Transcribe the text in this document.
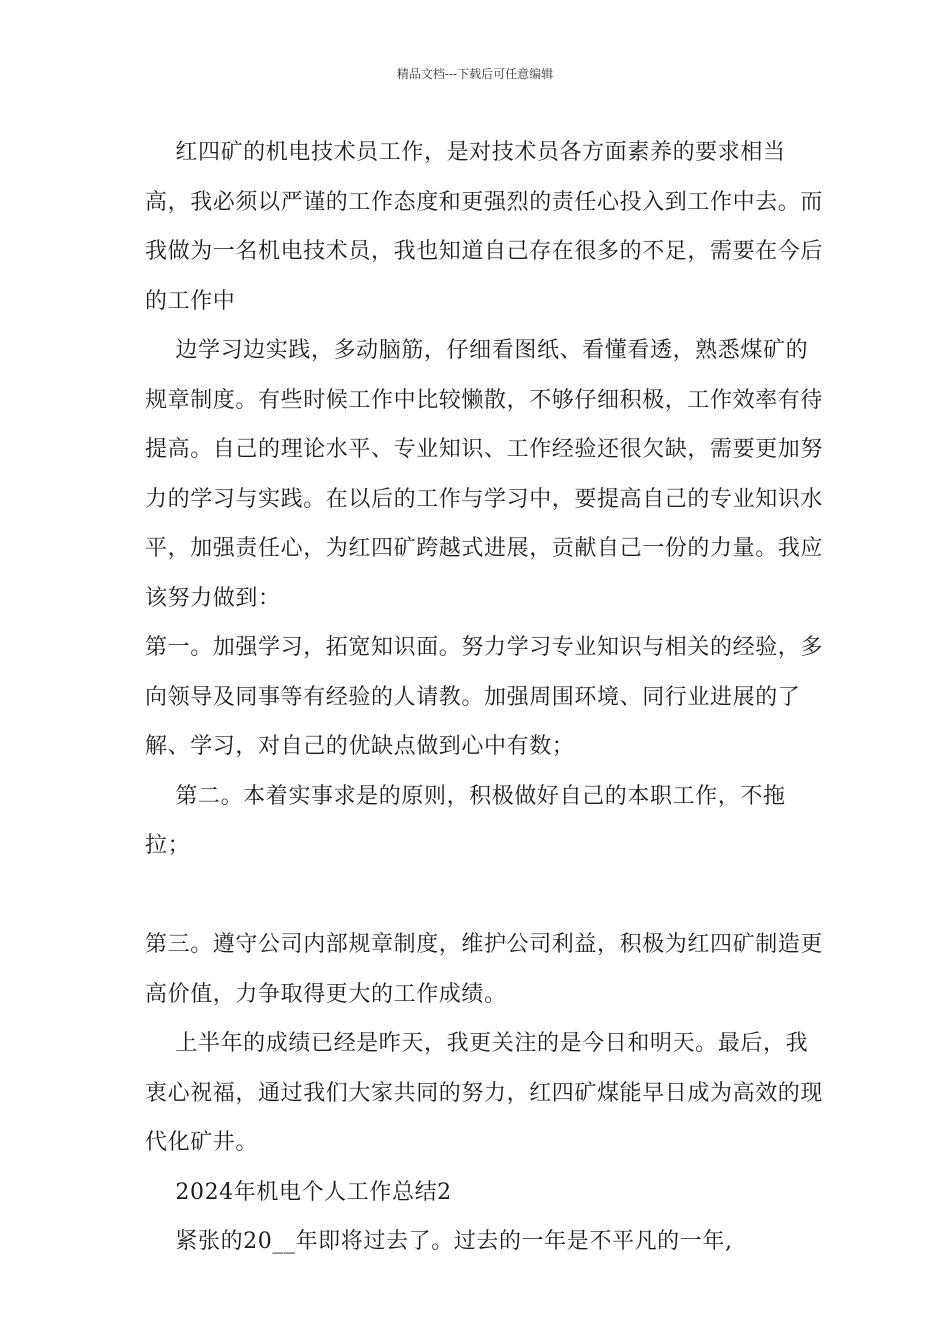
精品文档---下载后可任意编辑

红四矿的机电技术员工作，是对技术员各方面素养的要求相当高，我必须以严谨的工作态度和更强烈的责任心投入到工作中去。而我做为一名机电技术员，我也知道自己存在很多的不足，需要在今后的工作中

边学习边实践，多动脑筋，仔细看图纸、看懂看透，熟悉煤矿的规章制度。有些时候工作中比较懒散，不够仔细积极，工作效率有待提高。自己的理论水平、专业知识、工作经验还很欠缺，需要更加努力的学习与实践。在以后的工作与学习中，要提高自己的专业知识水平，加强责任心，为红四矿跨越式进展，贡献自己一份的力量。我应该努力做到：

第一。加强学习，拓宽知识面。努力学习专业知识与相关的经验，多向领导及同事等有经验的人请教。加强周围环境、同行业进展的了解、学习，对自己的优缺点做到心中有数；

第二。本着实事求是的原则，积极做好自己的本职工作，不拖拉；

第三。遵守公司内部规章制度，维护公司利益，积极为红四矿制造更高价值，力争取得更大的工作成绩。

上半年的成绩已经是昨天，我更关注的是今日和明天。最后，我衷心祝福，通过我们大家共同的努力，红四矿煤能早日成为高效的现代化矿井。

2024年机电个人工作总结2

紧张的20__年即将过去了。过去的一年是不平凡的一年,
